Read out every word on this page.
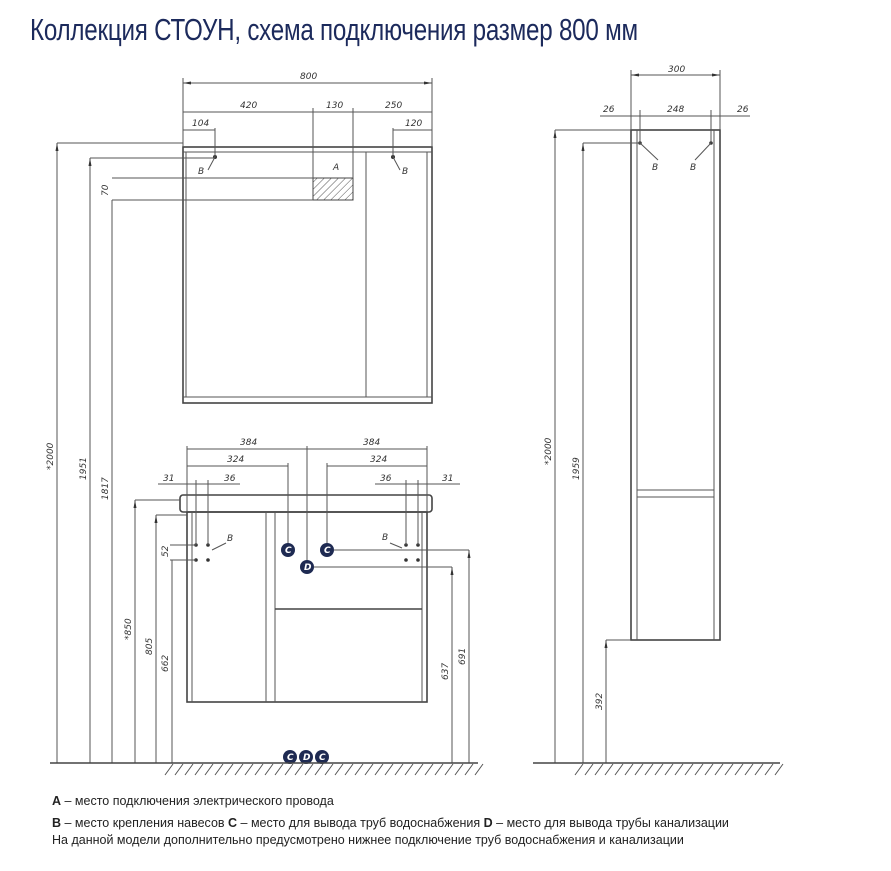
Коллекция СТОУН, схема подключения размер 800 мм
A
B	B
800
420	130	250
104	120
70
B	B
384	384
324	324
31	36	36	31
52	C	C
D
C D C
*2000	1951
1817
*850
805
662	637
691
B	B
300
26	248	26
*2000
1959
392
A – место подключения электрического провода
B – место крепления навесов C – место для вывода труб водоснабжения D – место для вывода трубы канализации
На данной модели дополнительно предусмотрено нижнее подключение труб водоснабжения и канализации
